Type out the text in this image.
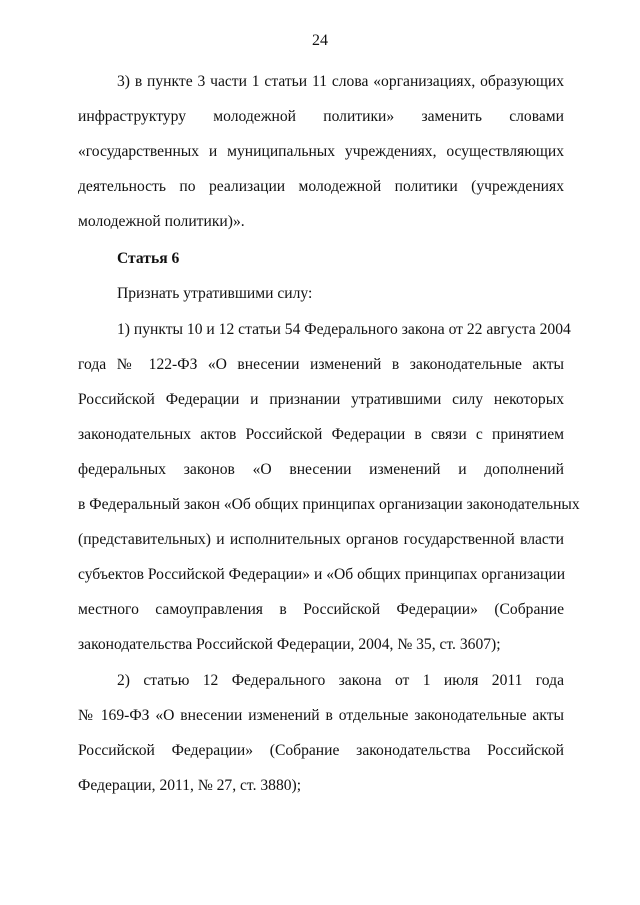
24
3) в пункте 3 части 1 статьи 11 слова «организациях, образующих
инфраструктуру молодежной политики» заменить словами
«государственных и муниципальных учреждениях, осуществляющих
деятельность по реализации молодежной политики (учреждениях
молодежной политики)».
Статья 6
Признать утратившими силу:
1) пункты 10 и 12 статьи 54 Федерального закона от 22 августа 2004
года № 122-ФЗ «О внесении изменений в законодательные акты
Российской Федерации и признании утратившими силу некоторых
законодательных актов Российской Федерации в связи с принятием
федеральных законов «О внесении изменений и дополнений
в Федеральный закон «Об общих принципах организации законодательных
(представительных) и исполнительных органов государственной власти
субъектов Российской Федерации» и «Об общих принципах организации
местного самоуправления в Российской Федерации» (Собрание
законодательства Российской Федерации, 2004, № 35, ст. 3607);
2) статью 12 Федерального закона от 1 июля 2011 года
№ 169-ФЗ «О внесении изменений в отдельные законодательные акты
Российской Федерации» (Собрание законодательства Российской
Федерации, 2011, № 27, ст. 3880);
